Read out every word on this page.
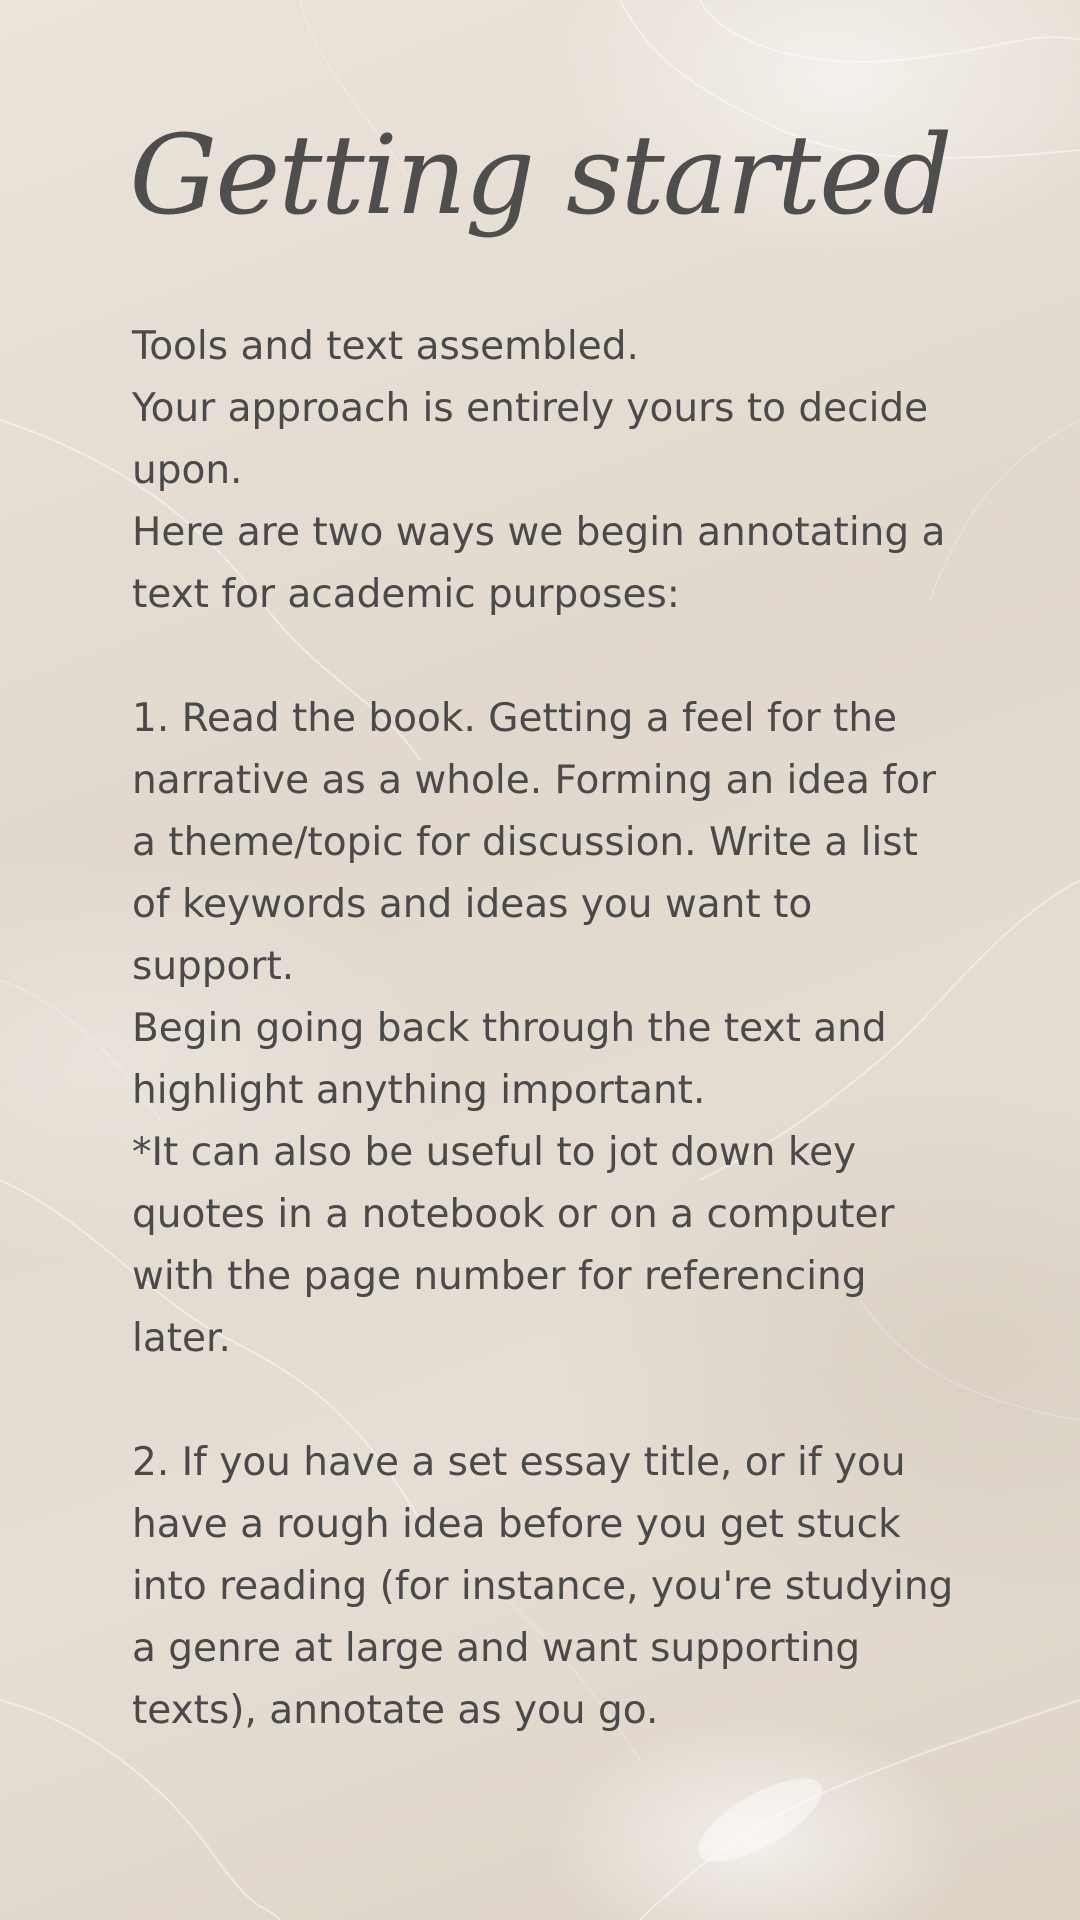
Getting started
Tools and text assembled.
Your approach is entirely yours to decide
upon.
Here are two ways we begin annotating a
text for academic purposes:
1. Read the book. Getting a feel for the
narrative as a whole. Forming an idea for
a theme/topic for discussion. Write a list
of keywords and ideas you want to
support.
Begin going back through the text and
highlight anything important.
*It can also be useful to jot down key
quotes in a notebook or on a computer
with the page number for referencing
later.
2. If you have a set essay title, or if you
have a rough idea before you get stuck
into reading (for instance, you're studying
a genre at large and want supporting
texts), annotate as you go.
